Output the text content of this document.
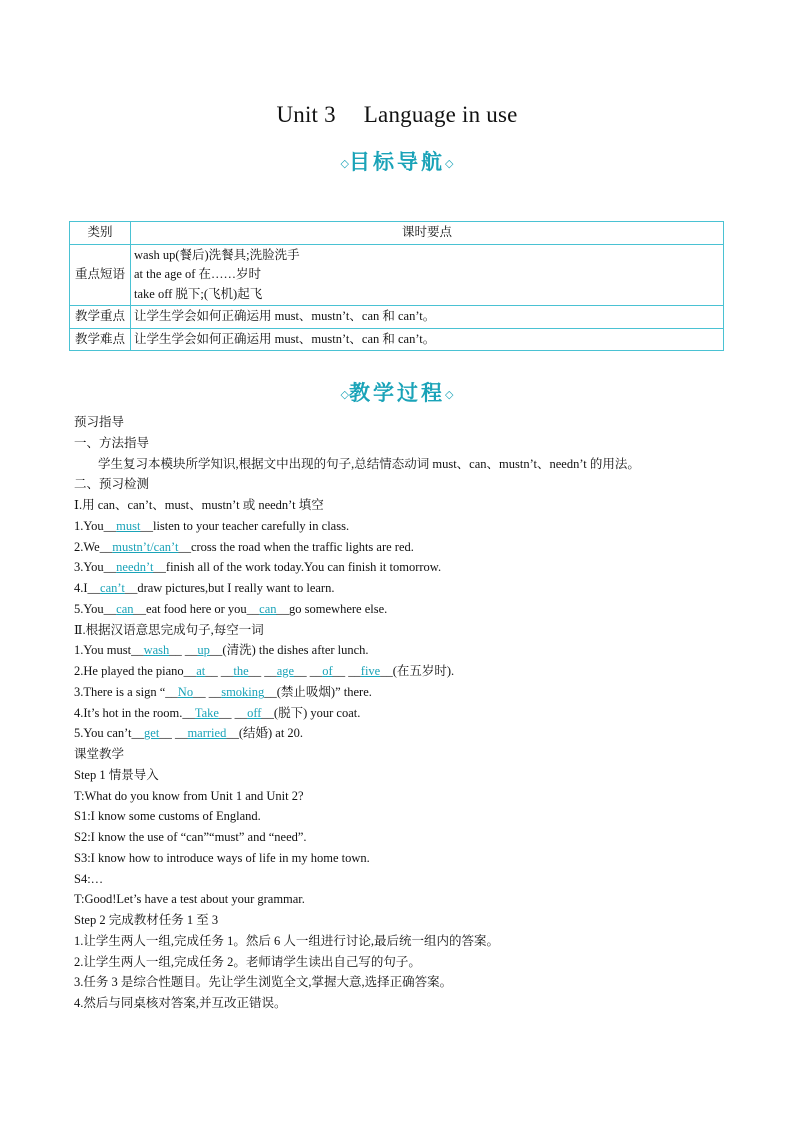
Unit 3 Language in use
◇目标导航◇
类别	课时要点
重点短语	wash up(餐后)洗餐具;洗脸洗手
at the age of 在……岁时
take off 脱下;(飞机)起飞

教学重点	让学生学会如何正确运用 must、mustn’t、can 和 can’t。
教学难点	让学生学会如何正确运用 must、mustn’t、can 和 can’t。
◇教学过程◇
预习指导
一、方法指导
学生复习本模块所学知识,根据文中出现的句子,总结情态动词 must、can、mustn’t、needn’t 的用法。
二、预习检测
Ⅰ.用 can、can’t、must、mustn’t 或 needn’t 填空
1.You__must__listen to your teacher carefully in class.
2.We__mustn’t/can’t__cross the road when the traffic lights are red.
3.You__needn’t__finish all of the work today.You can finish it tomorrow.
4.I__can’t__draw pictures,but I really want to learn.
5.You__can__eat food here or you__can__go somewhere else.
Ⅱ.根据汉语意思完成句子,每空一词
1.You must__wash__ __up__(清洗) the dishes after lunch.
2.He played the piano__at__ __the__ __age__ __of__ __five__(在五岁时).
3.There is a sign “__No__ __smoking__(禁止吸烟)” there.
4.It’s hot in the room.__Take__ __off__(脱下) your coat.
5.You can’t__get__ __married__(结婚) at 20.
课堂教学
Step 1 情景导入
T:What do you know from Unit 1 and Unit 2?
S1:I know some customs of England.
S2:I know the use of “can”“must” and “need”.
S3:I know how to introduce ways of life in my home town.
S4:…
T:Good!Let’s have a test about your grammar.
Step 2 完成教材任务 1 至 3
1.让学生两人一组,完成任务 1。然后 6 人一组进行讨论,最后统一组内的答案。
2.让学生两人一组,完成任务 2。老师请学生读出自己写的句子。
3.任务 3 是综合性题目。先让学生浏览全文,掌握大意,选择正确答案。
4.然后与同桌核对答案,并互改正错误。
